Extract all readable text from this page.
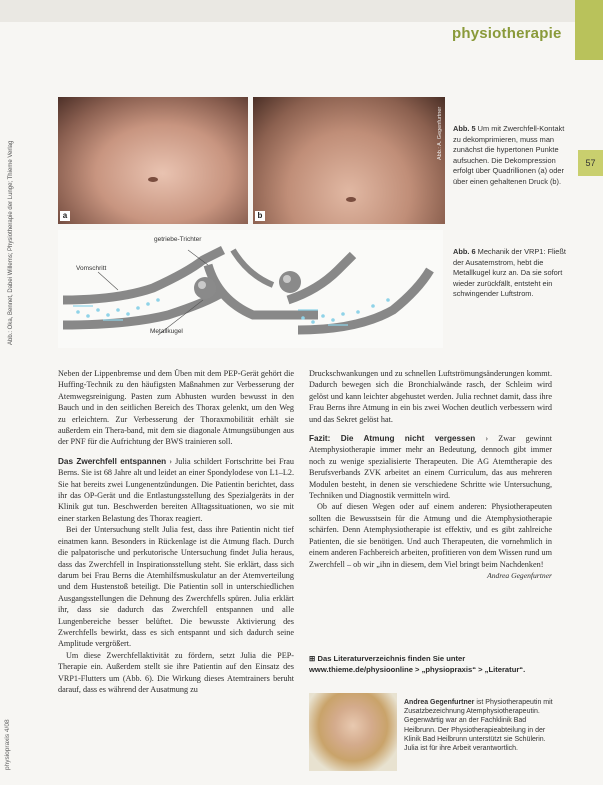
physiotherapie
57
a	b
Abb.: A. Gegenfurtner Abb. 5 Um mit Zwerchfell-Kontakt zu dekomprimieren, muss man zunächst die hypertonen Punkte aufsuchen. Die Dekompression erfolgt über Quadrillionen (a) oder über einen gehaltenen Druck (b).
Abb.: Oka, Bennet, Dabei Willems; Physiotherapie der Lunge; Thieme Verlag	Vomschritt
Metallkugel
getriebe-Trichter
Abb. 6 Mechanik der VRP1: Fließt der Ausatemstrom, hebt die Metallkugel kurz an. Da sie sofort wieder zurückfällt, entsteht ein schwingender Luftstrom.

Neben der Lippenbremse und dem Üben mit dem PEP-Gerät gehört die Huffing-Technik zu den häufigsten Maßnahmen zur Verbesserung der Atemwegsreinigung. Pasten zum Abhusten wurden bewusst in den Bauch und in den seitlichen Bereich des Thorax gelenkt, um den Weg zu erleichtern. Zur Verbesserung der Thoraxmobilität erhält sie außerdem ein Thera-band, mit dem sie diagonale Atmungsübungen aus der PNF für die Aufrichtung der BWS trainieren soll.

Das Zwerchfell entspannen › Julia schildert Fortschritte bei Frau Berns. Sie ist 68 Jahre alt und leidet an einer Spondylodese von L1–L2. Sie hat bereits zwei Lungenentzündungen. Die Patientin berichtet, dass ihr das OP-Gerät und die Entlastungsstellung des Spezialgeräts in der Klinik gut tun. Beschwerden bereiten Alltagssituationen, wo sie mit einer starken Belastung des Thorax reagiert.

Bei der Untersuchung stellt Julia fest, dass ihre Patientin nicht tief einatmen kann. Besonders in Rückenlage ist die Atmung flach. Durch die palpatorische und perkutorische Untersuchung findet Julia heraus, dass das Zwerchfell in Inspirationsstellung steht. Sie erklärt, dass sich darum bei Frau Berns die Atemhilfsmuskulatur an der Atemverteilung und dem Hustenstoß beteiligt. Die Patientin soll in unterschiedlichen Ausgangsstellungen die Dehnung des Zwerchfells spüren. Julia erklärt ihr, dass sie dadurch das Zwerchfell entspannen und alle Lungenbereiche besser belüftet. Die bewusste Aktivierung des Zwerchfells bewirkt, dass es sich entspannt und sich dadurch seine Amplitude vergrößert.

Um diese Zwerchfellaktivität zu fördern, setzt Julia die PEP-Therapie ein. Außerdem stellt sie ihre Patientin auf den Einsatz des VRP1-Flutters um (Abb. 6). Die Wirkung dieses Atemtrainers beruht darauf, dass es während der Ausatmung zu

Druckschwankungen und zu schnellen Luftströmungsänderungen kommt. Dadurch bewegen sich die Bronchialwände rasch, der Schleim wird gelöst und kann leichter abgehustet werden. Julia rechnet damit, dass ihre Frau Berns ihre Atmung in ein bis zwei Wochen deutlich verbessern wird und das Sekret gelöst hat.

Fazit: Die Atmung nicht vergessen › Zwar gewinnt Atemphysiotherapie immer mehr an Bedeutung, dennoch gibt immer noch zu wenige spezialisierte Therapeuten. Die AG Atemtherapie des Berufsverbands ZVK arbeitet an einem Curriculum, das aus mehreren Modulen besteht, in denen sie verschiedene Schritte wie Untersuchung, Techniken und Diagnostik vermitteln wird.

Ob auf diesen Wegen oder auf einem anderen: Physiotherapeuten sollten die Bewusstsein für die Atmung und die Atemphysiotherapie schärfen. Denn Atemphysiotherapie ist effektiv, und es gibt zahlreiche Patienten, die sie benötigen. Und auch Therapeuten, die vornehmlich in einem anderen Fachbereich arbeiten, profitieren von dem Wissen rund um Zwerchfell – ob wir „ihn in diesem, dem Viel bringt beim Nachdenken!

Andrea Gegenfurtner
⊞ Das Literaturverzeichnis finden Sie unter www.thieme.de/physioonline > „physiopraxis“ > „Literatur“.
Andrea Gegenfurtner ist Physiotherapeutin mit Zusatzbezeichnung Atemphysiotherapeutin. Gegenwärtig war an der Fachklinik Bad Heilbrunn. Der Physiotherapieabteilung in der Klinik Bad Heilbrunn unterstützt sie Schülerin. Julia ist für ihre Arbeit verantwortlich.
physiopraxis 4/08
